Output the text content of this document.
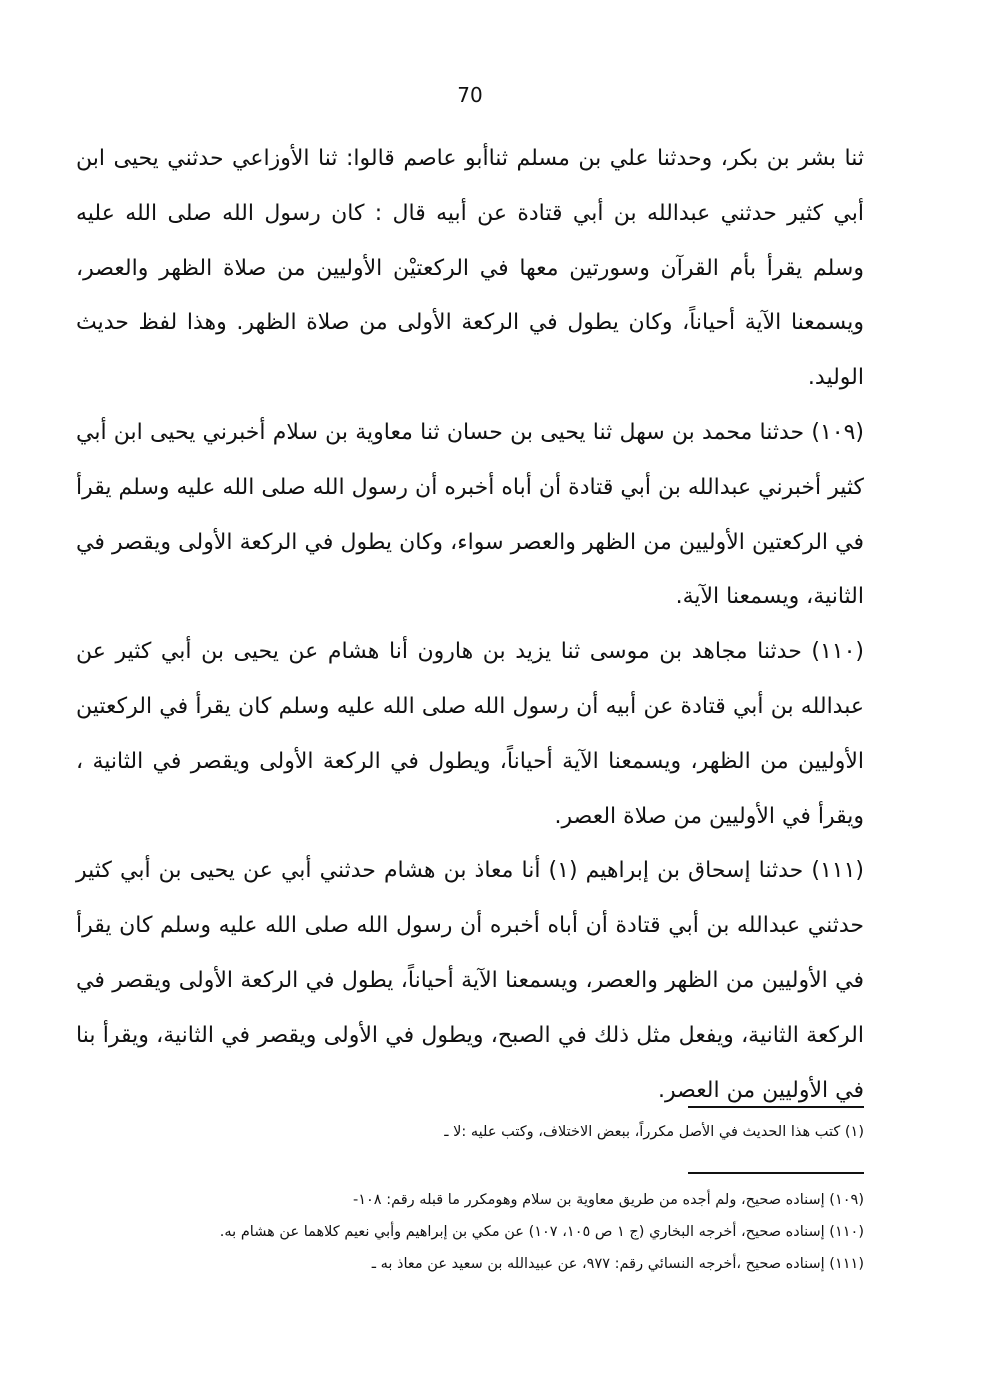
70

ثنا بشر بن بكر، وحدثنا علي بن مسلم ثناأبو عاصم قالوا: ثنا الأوزاعي حدثني يحيى ابن أبي كثير حدثني عبدالله بن أبي قتادة عن أبيه قال : كان رسول الله صلى الله عليه وسلم يقرأ بأم القرآن وسورتين معها في الركعتيْن الأوليين من صلاة الظهر والعصر، ويسمعنا الآية أحياناً، وكان يطول في الركعة الأولى من صلاة الظهر. وهذا لفظ حديث الوليد.

(١٠٩) حدثنا محمد بن سهل ثنا يحيى بن حسان ثنا معاوية بن سلام أخبرني يحيى ابن أبي كثير أخبرني عبدالله بن أبي قتادة أن أباه أخبره أن رسول الله صلى الله عليه وسلم يقرأ في الركعتين الأوليين من الظهر والعصر سواء، وكان يطول في الركعة الأولى ويقصر في الثانية، ويسمعنا الآية.

(١١٠) حدثنا مجاهد بن موسى ثنا يزيد بن هارون أنا هشام عن يحيى بن أبي كثير عن عبدالله بن أبي قتادة عن أبيه أن رسول الله صلى الله عليه وسلم كان يقرأ في الركعتين الأوليين من الظهر، ويسمعنا الآية أحياناً، ويطول في الركعة الأولى ويقصر في الثانية ، ويقرأ في الأوليين من صلاة العصر.

(١١١) حدثنا إسحاق بن إبراهيم (١) أنا معاذ بن هشام حدثني أبي عن يحيى بن أبي كثير حدثني عبدالله بن أبي قتادة أن أباه أخبره أن رسول الله صلى الله عليه وسلم كان يقرأ في الأوليين من الظهر والعصر، ويسمعنا الآية أحياناً، يطول في الركعة الأولى ويقصر في الركعة الثانية، ويفعل مثل ذلك في الصبح، ويطول في الأولى ويقصر في الثانية، ويقرأ بنا في الأوليين من العصر.

(١) كتب هذا الحديث في الأصل مكرراً، ببعض الاختلاف، وكتب عليه :لا ـ
(١٠٩) إسناده صحيح، ولم أجده من طريق معاوية بن سلام وهومكرر ما قبله رقم: ١٠٨-
(١١٠) إسناده صحيح، أخرجه البخاري (ج ١ ص ١٠٥، ١٠٧) عن مكي بن إبراهيم وأبي نعيم كلاهما عن هشام به.
(١١١) إسناده صحيح ،أخرجه النسائي رقم: ٩٧٧، عن عبيدالله بن سعيد عن معاذ به ـ
